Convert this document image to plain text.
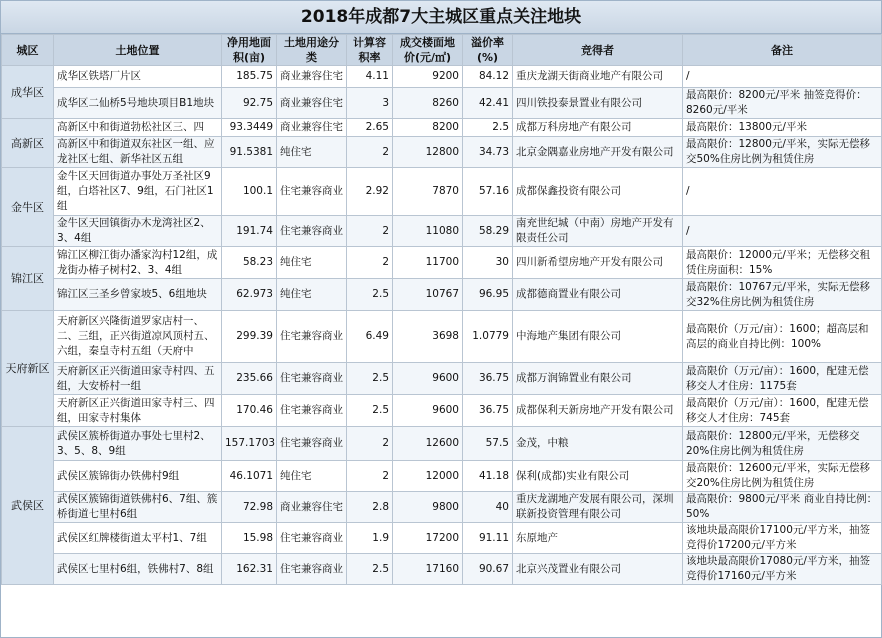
2018年成都7大主城区重点关注地块
城区	土地位置	净用地面积(亩)	土地用途分类	计算容积率	成交楼面地价(元/㎡)	溢价率(%)	竞得者	备注
成华区	成华区铁塔厂片区	185.75	商业兼容住宅	4.11	9200	84.12	重庆龙湖天街商业地产有限公司	/
	成华区二仙桥5号地块项目B1地块	92.75	商业兼容住宅	3	8260	42.41	四川铁投泰景置业有限公司	最高限价：8200元/平米 抽签竞得价：8260元/平米
高新区	高新区中和街道勃松社区三、四	93.3449	商业兼容住宅	2.65	8200	2.5	成都万科房地产有限公司	最高限价：13800元/平米
	高新区中和街道双东社区一组、应龙社区七组、新华社区五组	91.5381	纯住宅	2	12800	34.73	北京金隅嘉业房地产开发有限公司	最高限价：12800元/平米，实际无偿移交50%住房比例为租赁住房
金牛区	金牛区天回街道办事处万圣社区9组，白塔社区7、9组，石门社区1组	100.1	住宅兼容商业	2.92	7870	57.16	成都保鑫投资有限公司	/
	金牛区天回镇街办木龙湾社区2、3、4组	191.74	住宅兼容商业	2	11080	58.29	南充世纪城（中南）房地产开发有限责任公司	/
锦江区	锦江区柳江街办潘家沟村12组，成龙街办椿子树村2、3、4组	58.23	纯住宅	2	11700	30	四川新希望房地产开发有限公司	最高限价：12000元/平米；无偿移交租赁住房面积：15%
	锦江区三圣乡曾家坡5、6组地块	62.973	纯住宅	2.5	10767	96.95	成都德商置业有限公司	最高限价：10767元/平米，实际无偿移交32%住房比例为租赁住房
天府新区	天府新区兴隆街道罗家店村一、二、三组，正兴街道凉风顶村五、六组，秦皇寺村五组（天府中	299.39	住宅兼容商业	6.49	3698	1.0779	中海地产集团有限公司	最高限价（万元/亩）：1600；超高层和高层的商业自持比例：100%
	天府新区正兴街道田家寺村四、五组，大安桥村一组	235.66	住宅兼容商业	2.5	9600	36.75	成都万润锦置业有限公司	最高限价（万元/亩）：1600，配建无偿移交人才住房：1175套
	天府新区正兴街道田家寺村三、四组，田家寺村集体	170.46	住宅兼容商业	2.5	9600	36.75	成都保利天新房地产开发有限公司	最高限价（万元/亩）：1600，配建无偿移交人才住房：745套
武侯区	武侯区簇桥街道办事处七里村2、3、5、8、9组	157.1703	住宅兼容商业	2	12600	57.5	金茂，中粮	最高限价：12800元/平米，无偿移交20%住房比例为租赁住房
	武侯区簇锦街办铁佛村9组	46.1071	纯住宅	2	12000	41.18	保利(成都)实业有限公司	最高限价：12600元/平米，实际无偿移交20%住房比例为租赁住房
	武侯区簇锦街道铁佛村6、7组、簇桥街道七里村6组	72.98	商业兼容住宅	2.8	9800	40	重庆龙湖地产发展有限公司，深圳联新投资管理有限公司	最高限价：9800元/平米 商业自持比例：50%
	武侯区红牌楼街道太平村1、7组	15.98	住宅兼容商业	1.9	17200	91.11	东原地产	该地块最高限价17100元/平方米，抽签竞得价17200元/平方米
	武侯区七里村6组，铁佛村7、8组	162.31	住宅兼容商业	2.5	17160	90.67	北京兴茂置业有限公司	该地块最高限价17080元/平方米，抽签竞得价17160元/平方米
